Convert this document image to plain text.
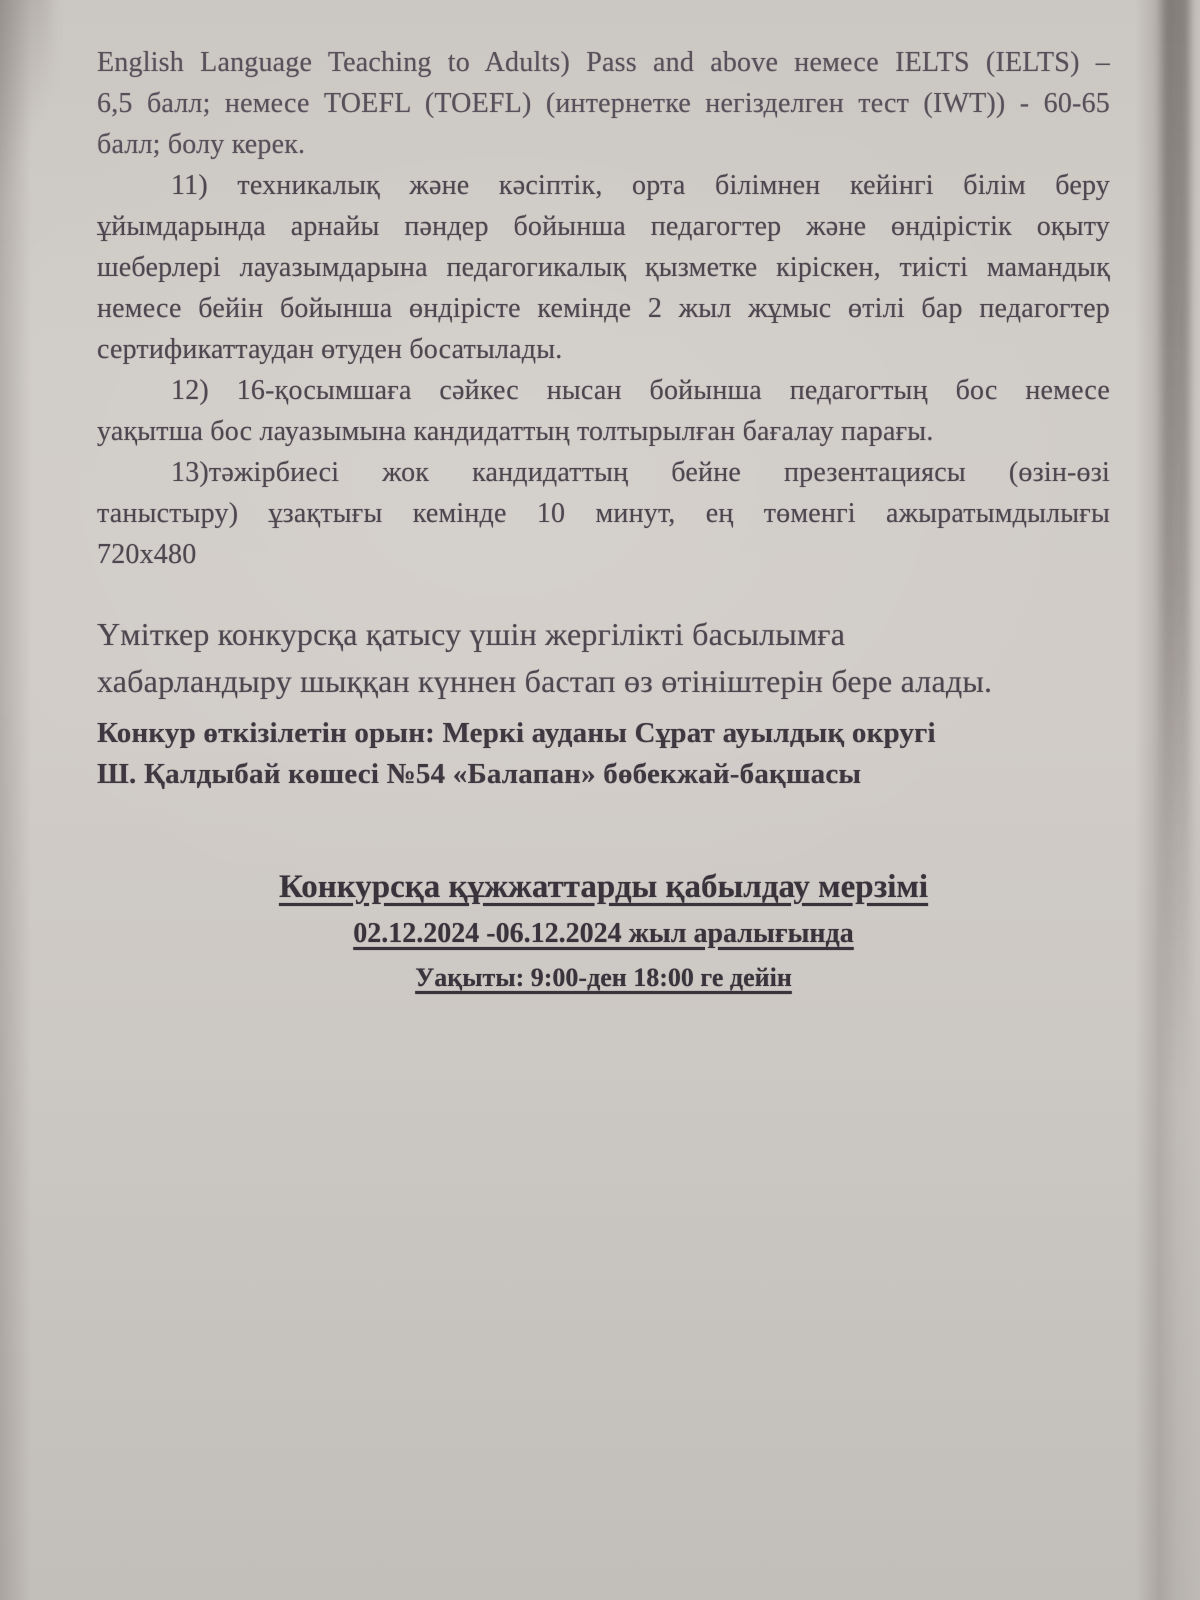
English Language Teaching to Adults) Pass and above немесе IELTS (IELTS) –
6,5 балл; немесе TOEFL (TOEFL) (интернетке негізделген тест (IWT)) - 60-65
балл; болу керек.
11) техникалық және кәсіптік, орта білімнен кейінгі білім беру
ұйымдарында арнайы пәндер бойынша педагогтер және өндірістік оқыту
шеберлері лауазымдарына педагогикалық қызметке кіріскен, тиісті мамандық
немесе бейін бойынша өндірісте кемінде 2 жыл жұмыс өтілі бар педагогтер
сертификаттаудан өтуден босатылады.
12) 16-қосымшаға сәйкес нысан бойынша педагогтың бос немесе
уақытша бос лауазымына кандидаттың толтырылған бағалау парағы.
13)тәжірбиесі жок кандидаттың бейне презентациясы (өзін-өзі
таныстыру) ұзақтығы кемінде 10 минут, ең төменгі ажыратымдылығы
720x480
Үміткер конкурсқа қатысу үшін жергілікті басылымға
хабарландыру шыққан күннен бастап өз өтініштерін бере алады.
Конкур өткізілетін орын: Меркі ауданы Сұрат ауылдық округі
Ш. Қалдыбай көшесі №54 «Балапан» бөбекжай-бақшасы
Конкурсқа құжжаттарды қабылдау мерзімі
02.12.2024 -06.12.2024 жыл аралығында
Уақыты: 9:00-ден 18:00 ге дейін
